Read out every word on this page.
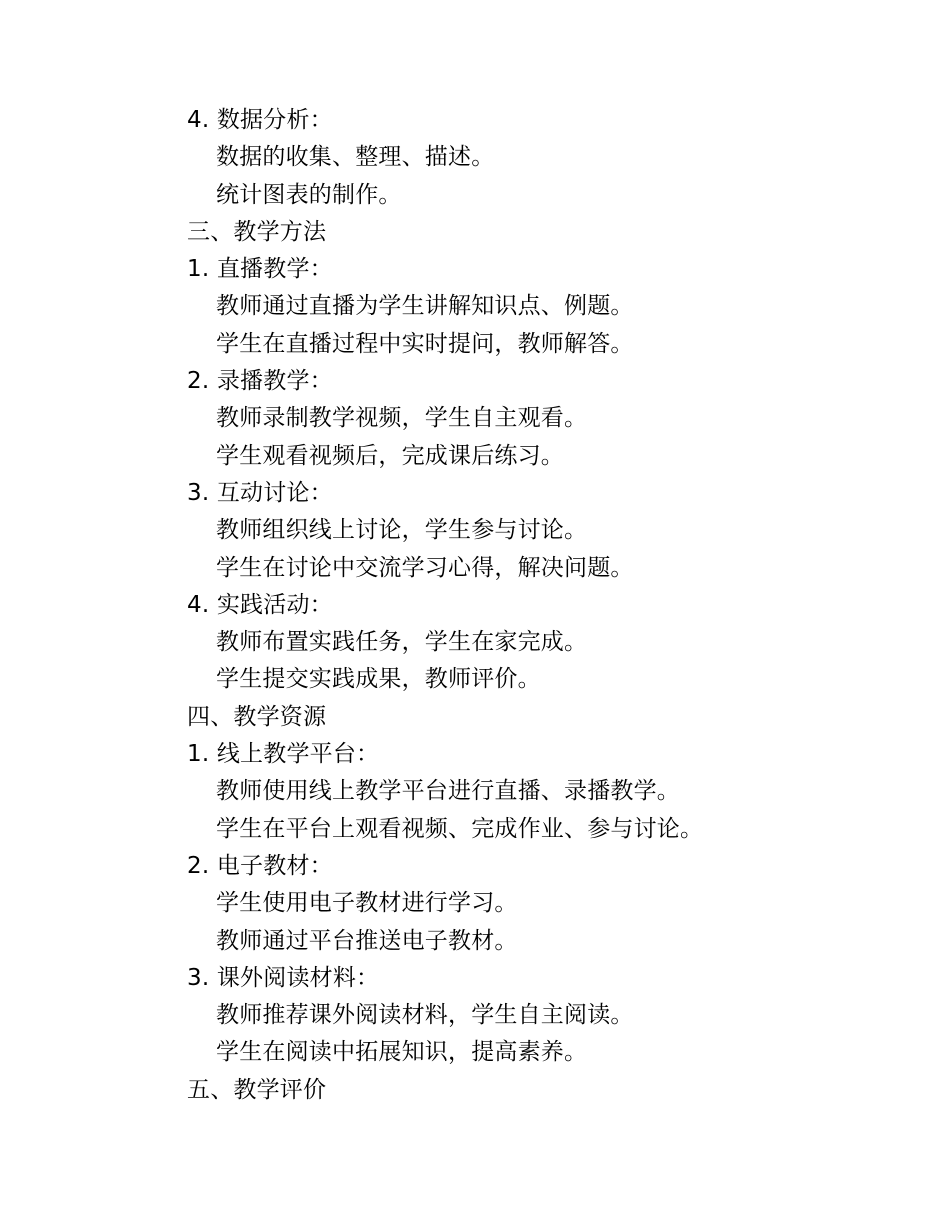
4. 数据分析：
数据的收集、整理、描述。
统计图表的制作。
三、教学方法
1. 直播教学：
教师通过直播为学生讲解知识点、例题。
学生在直播过程中实时提问，教师解答。
2. 录播教学：
教师录制教学视频，学生自主观看。
学生观看视频后，完成课后练习。
3. 互动讨论：
教师组织线上讨论，学生参与讨论。
学生在讨论中交流学习心得，解决问题。
4. 实践活动：
教师布置实践任务，学生在家完成。
学生提交实践成果，教师评价。
四、教学资源
1. 线上教学平台：
教师使用线上教学平台进行直播、录播教学。
学生在平台上观看视频、完成作业、参与讨论。
2. 电子教材：
学生使用电子教材进行学习。
教师通过平台推送电子教材。
3. 课外阅读材料：
教师推荐课外阅读材料，学生自主阅读。
学生在阅读中拓展知识，提高素养。
五、教学评价
